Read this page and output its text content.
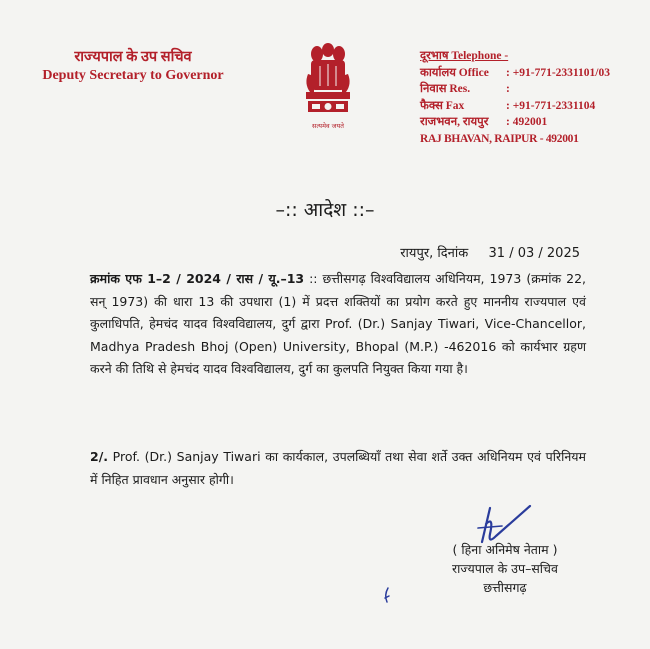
राज्यपाल के उप सचिव
Deputy Secretary to Governor
सत्यमेव जयते
दूरभाष Telephone -
कार्यालय Office	: +91-771-2331101/03
निवास Res.	:
फैक्स Fax	: +91-771-2331104
राजभवन, रायपुर	: 492001
RAJ BHAVAN, RAIPUR - 492001
–:: आदेश ::–
रायपुर, दिनांक 31 / 03 / 2025
क्रमांक एफ 1–2 / 2024 / रास / यू.–13 :: छत्तीसगढ़ विश्वविद्यालय अधिनियम, 1973 (क्रमांक 22, सन् 1973) की धारा 13 की उपधारा (1) में प्रदत्त शक्तियों का प्रयोग करते हुए माननीय राज्यपाल एवं कुलाधिपति, हेमचंद यादव विश्वविद्यालय, दुर्ग द्वारा Prof. (Dr.) Sanjay Tiwari, Vice-Chancellor, Madhya Pradesh Bhoj (Open) University, Bhopal (M.P.) -462016 को कार्यभार ग्रहण करने की तिथि से हेमचंद यादव विश्वविद्यालय, दुर्ग का कुलपति नियुक्त किया गया है।
2/. Prof. (Dr.) Sanjay Tiwari का कार्यकाल, उपलब्धियाँ तथा सेवा शर्ते उक्त अधिनियम एवं परिनियम में निहित प्रावधान अनुसार होगी।
( हिना अनिमेष नेताम )
राज्यपाल के उप–सचिव
छत्तीसगढ़
